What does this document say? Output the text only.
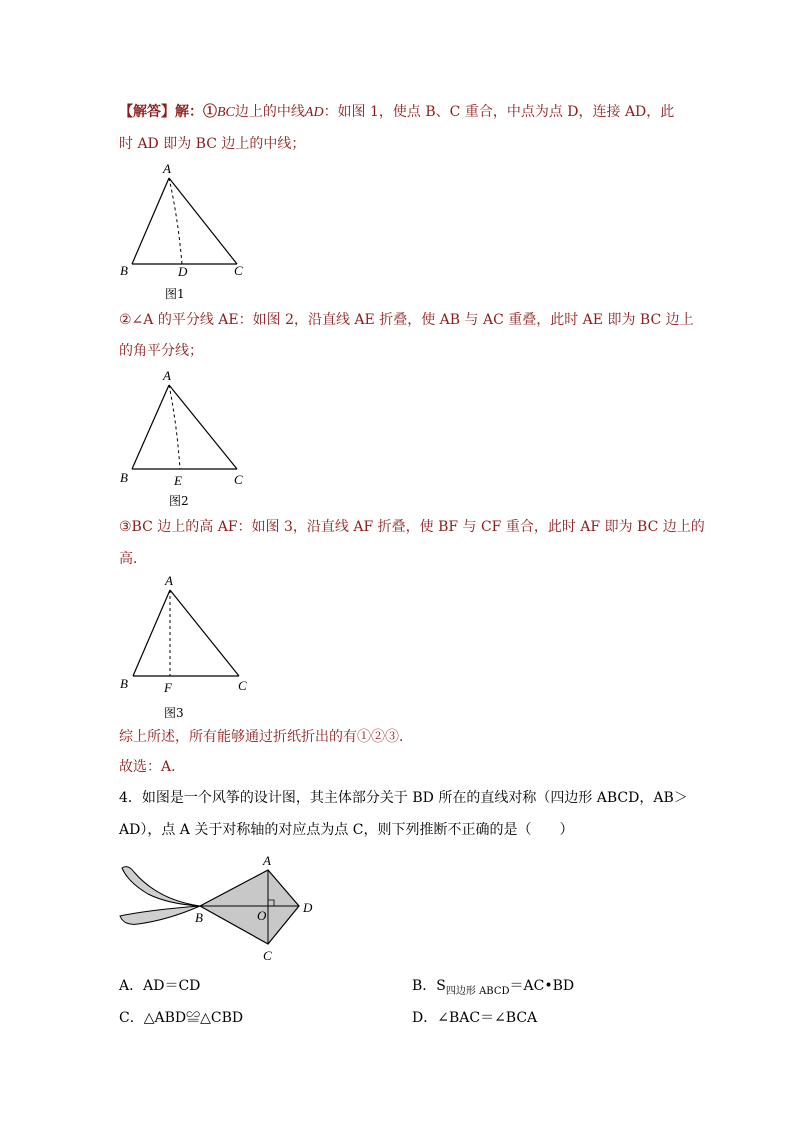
【解答】解：①BC边上的中线AD：如图 1，使点 B、C 重合，中点为点 D，连接 AD，此
时 AD 即为 BC 边上的中线；
A
B	C
D
图1
②∠A 的平分线 AE：如图 2，沿直线 AE 折叠，使 AB 与 AC 重叠，此时 AE 即为 BC 边上
的角平分线；
A
B	C
E
图2
③BC 边上的高 AF：如图 3，沿直线 AF 折叠，使 BF 与 CF 重合，此时 AF 即为 BC 边上的
高．
A
B	C
F
图3
综上所述，所有能够通过折纸折出的有①②③．
故选：A．
4．如图是一个风筝的设计图，其主体部分关于 BD 所在的直线对称（四边形 ABCD，AB＞
AD），点 A 关于对称轴的对应点为点 C，则下列推断不正确的是（　　）
A
B
C
D
O
A．AD＝CD	B．$S_{四边形 ABCD}=AC•BD$
C．△ABD≌△CBD	D．∠BAC＝∠BCA
